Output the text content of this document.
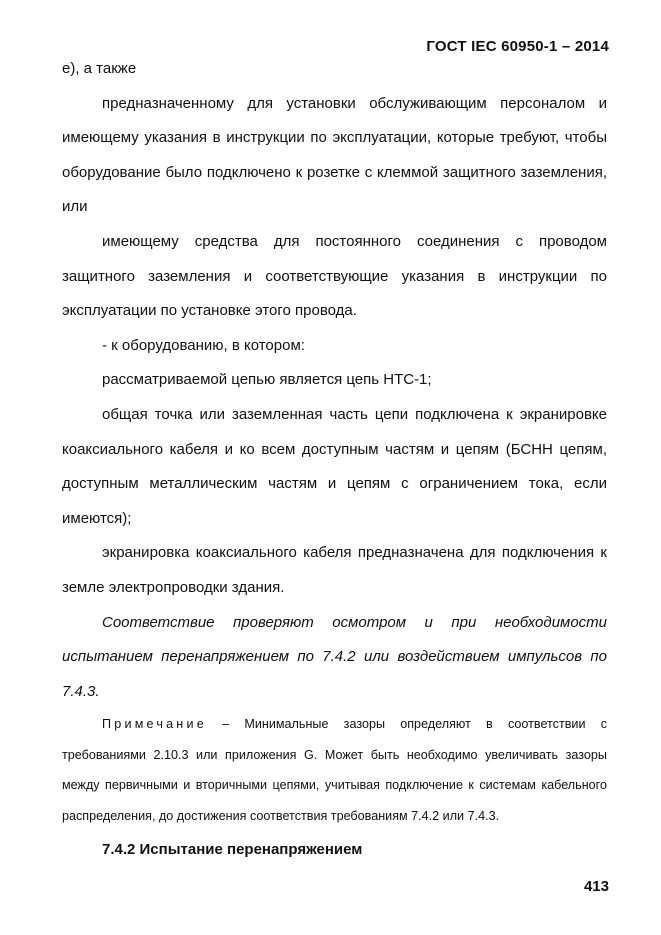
ГОСТ IEC 60950-1 – 2014

е), а также

предназначенному для установки обслуживающим персоналом и имеющему указания в инструкции по эксплуатации, которые требуют, чтобы оборудование было подключено к розетке с клеммой защитного заземления, или

имеющему средства для постоянного соединения с проводом защитного заземления и соответствующие указания в инструкции по эксплуатации по установке этого провода.

- к оборудованию, в котором:

рассматриваемой цепью является цепь НТС-1;

общая точка или заземленная часть цепи подключена к экранировке коаксиального кабеля и ко всем доступным частям и цепям (БСНН цепям, доступным металлическим частям и цепям с ограничением тока, если имеются);

экранировка коаксиального кабеля предназначена для подключения к земле электропроводки здания.

Соответствие проверяют осмотром и при необходимости испытанием перенапряжением по 7.4.2 или воздействием импульсов по 7.4.3.

Примечание – Минимальные зазоры определяют в соответствии с требованиями 2.10.3 или приложения G. Может быть необходимо увеличивать зазоры между первичными и вторичными цепями, учитывая подключение к системам кабельного распределения, до достижения соответствия требованиям 7.4.2 или 7.4.3.

7.4.2 Испытание перенапряжением

413
